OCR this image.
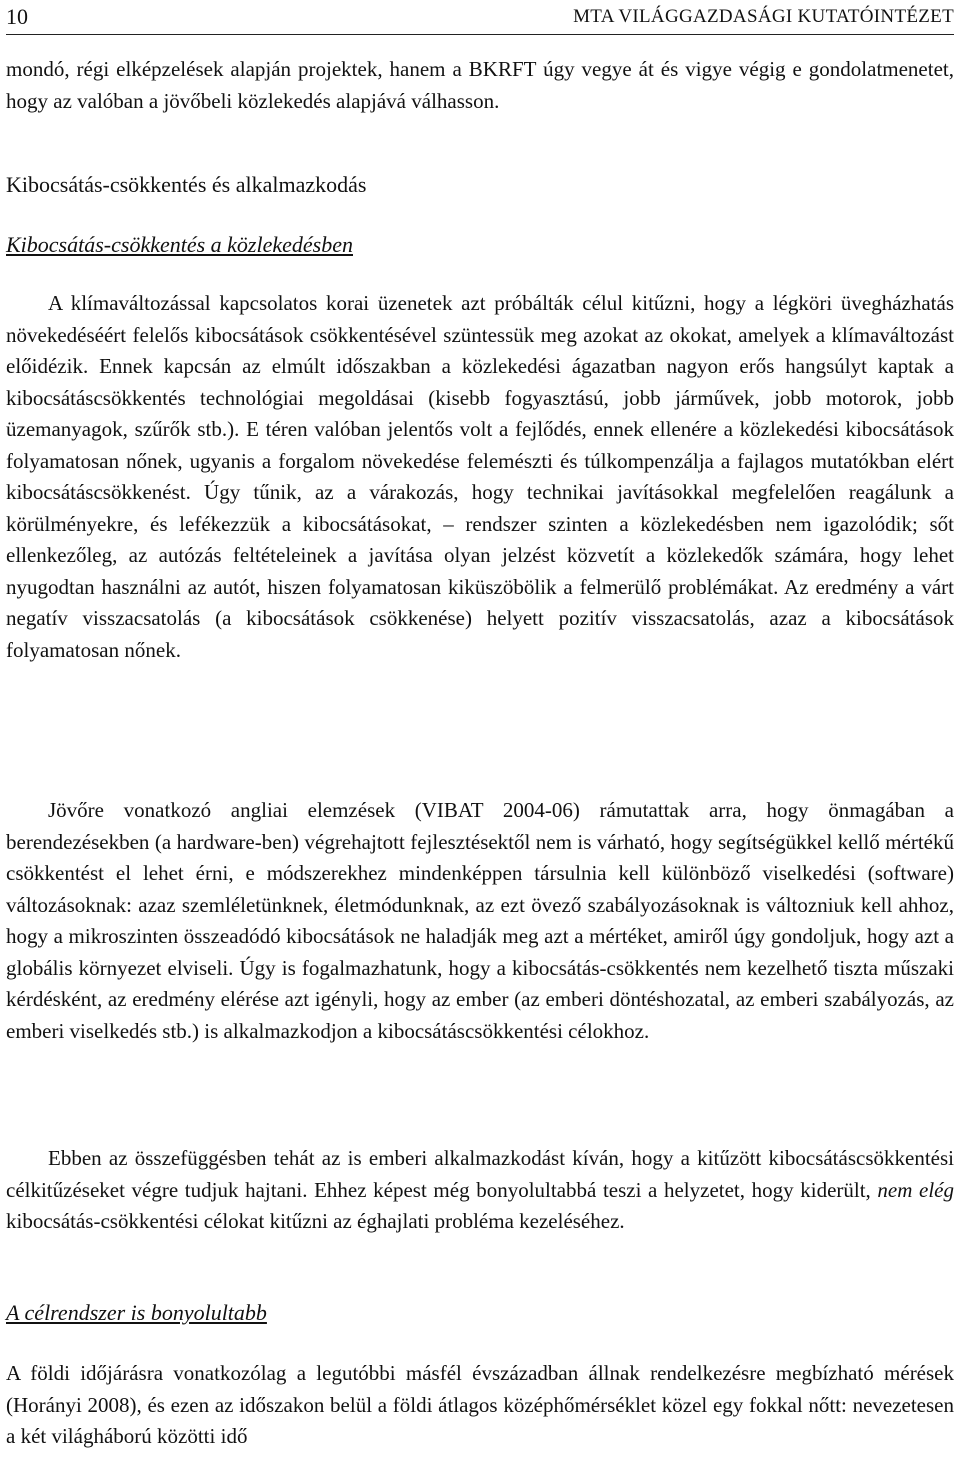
10	MTA VILÁGGAZDASÁGI KUTATÓINTÉZET

mondó, régi elképzelések alapján projektek, hanem a BKRFT úgy vegye át és vigye végig e gondolatmenetet, hogy az valóban a jövőbeli közlekedés alapjává válhasson.

Kibocsátás-csökkentés és alkalmazkodás
Kibocsátás-csökkentés a közlekedésben

A klímaváltozással kapcsolatos korai üzenetek azt próbálták célul kitűzni, hogy a légköri üvegházhatás növekedéséért felelős kibocsátások csökkentésével szüntessük meg azokat az okokat, amelyek a klímaváltozást előidézik. Ennek kapcsán az elmúlt időszakban a közlekedési ágazatban nagyon erős hangsúlyt kaptak a kibocsátáscsökkentés technológiai megoldásai (kisebb fogyasztású, jobb járművek, jobb motorok, jobb üzemanyagok, szűrők stb.). E téren valóban jelentős volt a fejlődés, ennek ellenére a közlekedési kibocsátások folyamatosan nőnek, ugyanis a forgalom növekedése felemészti és túlkompenzálja a fajlagos mutatókban elért kibocsátáscsökkenést. Úgy tűnik, az a várakozás, hogy technikai javításokkal megfelelően reagálunk a körülményekre, és lefékezzük a kibocsátásokat, – rendszer szinten a közlekedésben nem igazolódik; sőt ellenkezőleg, az autózás feltételeinek a javítása olyan jelzést közvetít a közlekedők számára, hogy lehet nyugodtan használni az autót, hiszen folyamatosan kiküszöbölik a felmerülő problémákat. Az eredmény a várt negatív visszacsatolás (a kibocsátások csökkenése) helyett pozitív visszacsatolás, azaz a kibocsátások folyamatosan nőnek.

Jövőre vonatkozó angliai elemzések (VIBAT 2004-06) rámutattak arra, hogy önmagában a berendezésekben (a hardware-ben) végrehajtott fejlesztésektől nem is várható, hogy segítségükkel kellő mértékű csökkentést el lehet érni, e módszerekhez mindenképpen társulnia kell különböző viselkedési (software) változásoknak: azaz szemléletünknek, életmódunknak, az ezt övező szabályozásoknak is változniuk kell ahhoz, hogy a mikroszinten összeadódó kibocsátások ne haladják meg azt a mértéket, amiről úgy gondoljuk, hogy azt a globális környezet elviseli. Úgy is fogalmazhatunk, hogy a kibocsátás-csökkentés nem kezelhető tiszta műszaki kérdésként, az eredmény elérése azt igényli, hogy az ember (az emberi döntéshozatal, az emberi szabályozás, az emberi viselkedés stb.) is alkalmazkodjon a kibocsátáscsökkentési célokhoz.

Ebben az összefüggésben tehát az is emberi alkalmazkodást kíván, hogy a kitűzött kibocsátáscsökkentési célkitűzéseket végre tudjuk hajtani. Ehhez képest még bonyolultabbá teszi a helyzetet, hogy kiderült, nem elég kibocsátás-csökkentési célokat kitűzni az éghajlati probléma kezeléséhez.

A célrendszer is bonyolultabb

A földi időjárásra vonatkozólag a legutóbbi másfél évszázadban állnak rendelkezésre megbízható mérések (Horányi 2008), és ezen az időszakon belül a földi átlagos középhőmérséklet közel egy fokkal nőtt: nevezetesen a két világháború közötti idő
